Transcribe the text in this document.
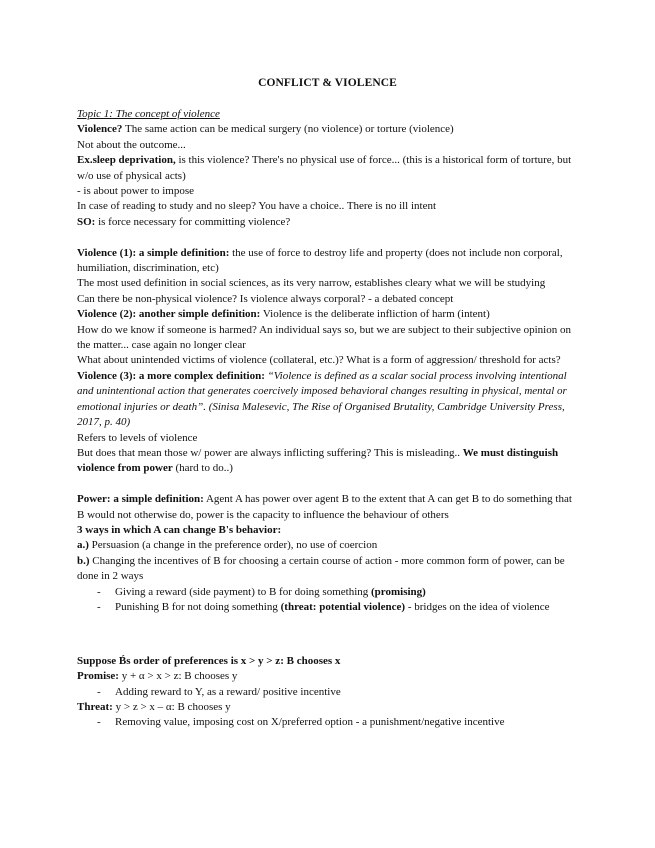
CONFLICT & VIOLENCE

Topic 1: The concept of violence

Violence? The same action can be medical surgery (no violence) or torture (violence)

Not about the outcome...

Ex.sleep deprivation, is this violence? There's no physical use of force... (this is a historical form of torture, but w/o use of physical acts)

- is about power to impose

In case of reading to study and no sleep? You have a choice.. There is no ill intent

SO: is force necessary for committing violence?

Violence (1): a simple definition: the use of force to destroy life and property (does not include non corporal, humiliation, discrimination, etc)

The most used definition in social sciences, as its very narrow, establishes cleary what we will be studying

Can there be non-physical violence? Is violence always corporal? - a debated concept

Violence (2): another simple definition: Violence is the deliberate infliction of harm (intent)

How do we know if someone is harmed? An individual says so, but we are subject to their subjective opinion on the matter... case again no longer clear

What about unintended victims of violence (collateral, etc.)? What is a form of aggression/ threshold for acts?

Violence (3): a more complex definition: “Violence is defined as a scalar social process involving intentional and unintentional action that generates coercively imposed behavioral changes resulting in physical, mental or emotional injuries or death”. (Sinisa Malesevic, The Rise of Organised Brutality, Cambridge University Press, 2017, p. 40)

Refers to levels of violence

But does that mean those w/ power are always inflicting suffering? This is misleading.. We must distinguish violence from power (hard to do..)

Power: a simple definition: Agent A has power over agent B to the extent that A can get B to do something that B would not otherwise do, power is the capacity to influence the behaviour of others

3 ways in which A can change B's behavior:

a.) Persuasion (a change in the preference order), no use of coercion

b.) Changing the incentives of B for choosing a certain course of action - more common form of power, can be done in 2 ways

-	Giving a reward (side payment) to B for doing something (promising)
-	Punishing B for not doing something (threat: potential violence) - bridges on the idea of violence

Suppose B́s order of preferences is x > y > z: B chooses x

Promise: y + α > x > z: B chooses y

-	Adding reward to Y, as a reward/ positive incentive

Threat: y > z > x – α: B chooses y

-	Removing value, imposing cost on X/preferred option - a punishment/negative incentive
